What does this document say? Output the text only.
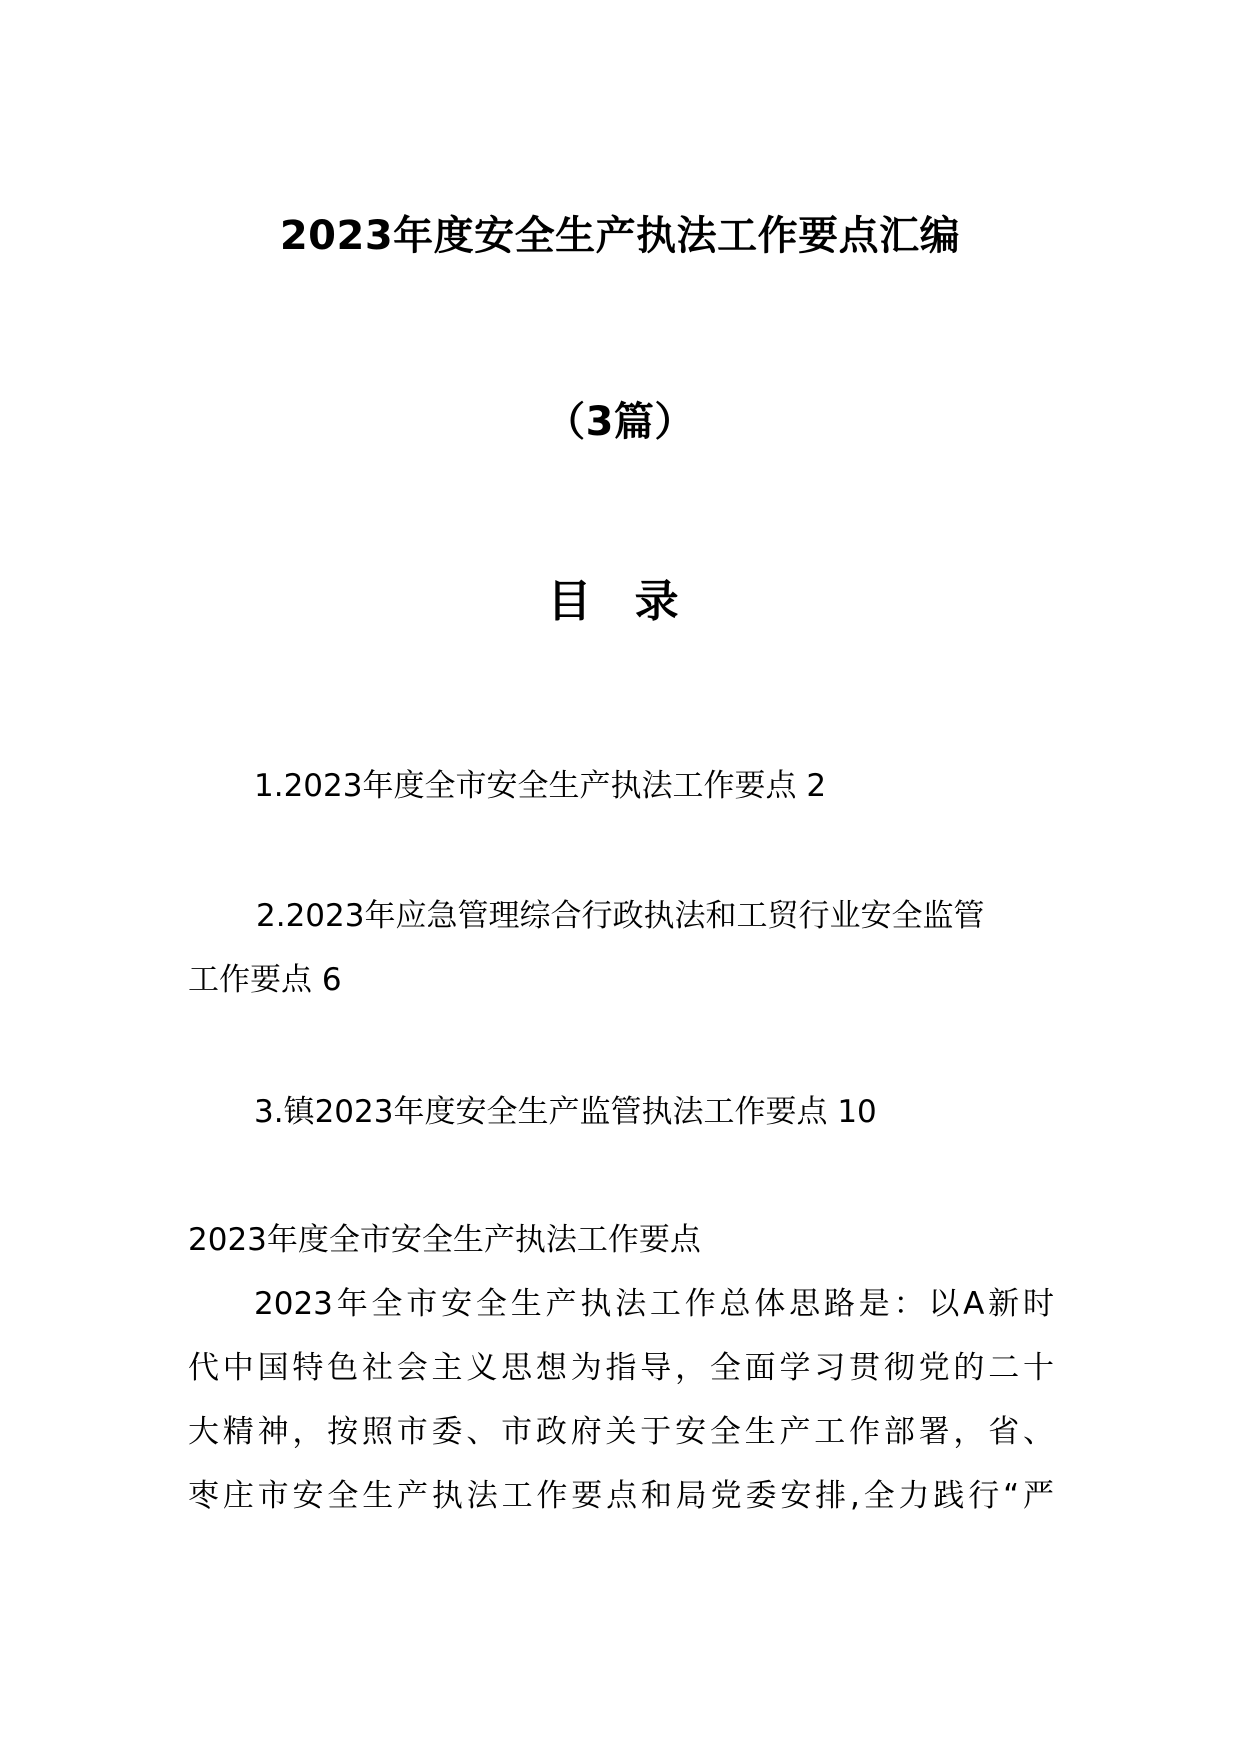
2023年度安全生产执法工作要点汇编
（3篇）
目 录
1.2023年度全市安全生产执法工作要点 2
2.2023年应急管理综合行政执法和工贸行业安全监管
工作要点 6
3.镇2023年度安全生产监管执法工作要点 10
2023年度全市安全生产执法工作要点
2023年全市安全生产执法工作总体思路是：以A新时
代中国特色社会主义思想为指导，全面学习贯彻党的二十
大精神，按照市委、市政府关于安全生产工作部署，省、
枣庄市安全生产执法工作要点和局党委安排,全力践行“严
